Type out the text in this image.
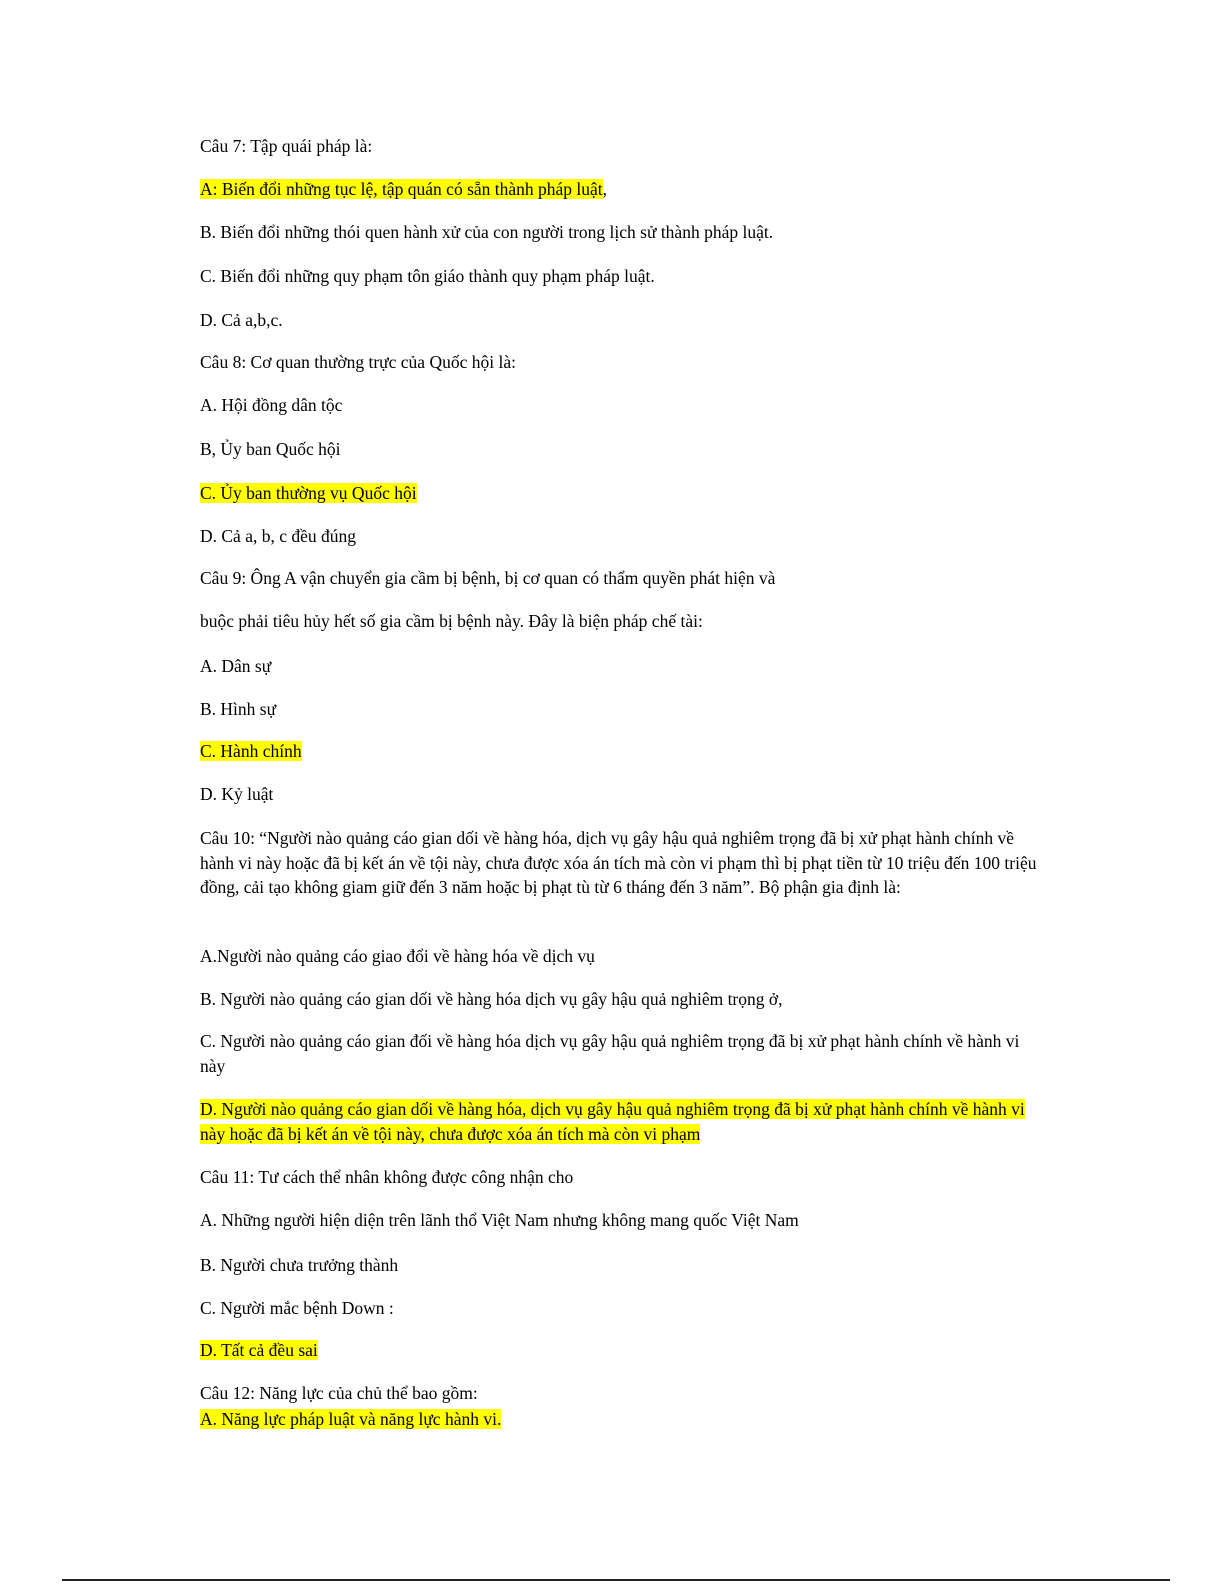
Câu 7: Tập quái pháp là:
A: Biến đổi những tục lệ, tập quán có sẵn thành pháp luật,
B. Biến đổi những thói quen hành xử của con người trong lịch sử thành pháp luật.
C. Biến đổi những quy phạm tôn giáo thành quy phạm pháp luật.
D. Cả a,b,c.
Câu 8: Cơ quan thường trực của Quốc hội là:
A. Hội đồng dân tộc
B, Ủy ban Quốc hội
C. Ủy ban thường vụ Quốc hội
D. Cả a, b, c đều đúng
Câu 9: Ông A vận chuyển gia cầm bị bệnh, bị cơ quan có thẩm quyền phát hiện và
buộc phải tiêu hủy hết số gia cầm bị bệnh này. Đây là biện pháp chế tài:
A. Dân sự
B. Hình sự
C. Hành chính
D. Kỷ luật
Câu 10: “Người nào quảng cáo gian dối về hàng hóa, dịch vụ gây hậu quả nghiêm trọng đã bị xử phạt hành chính về hành vi này hoặc đã bị kết án về tội này, chưa được xóa án tích mà còn vi phạm thì bị phạt tiền từ 10 triệu đến 100 triệu đồng, cải tạo không giam giữ đến 3 năm hoặc bị phạt tù từ 6 tháng đến 3 năm”. Bộ phận gia định là:
A.Người nào quảng cáo giao đổi về hàng hóa về dịch vụ
B. Người nào quảng cáo gian dối về hàng hóa dịch vụ gây hậu quả nghiêm trọng ở,
C. Người nào quảng cáo gian đối về hàng hóa dịch vụ gây hậu quả nghiêm trọng đã bị xử phạt hành chính về hành vi này
D. Người nào quảng cáo gian dối về hàng hóa, dịch vụ gây hậu quả nghiêm trọng đã bị xử phạt hành chính về hành vi này hoặc đã bị kết án về tội này, chưa được xóa án tích mà còn vi phạm
Câu 11: Tư cách thể nhân không được công nhận cho
A. Những người hiện diện trên lãnh thổ Việt Nam nhưng không mang quốc Việt Nam
B. Người chưa trưởng thành
C. Người mắc bệnh Down :
D. Tất cả đều sai
Câu 12: Năng lực của chủ thể bao gồm:
A. Năng lực pháp luật và năng lực hành vi.
